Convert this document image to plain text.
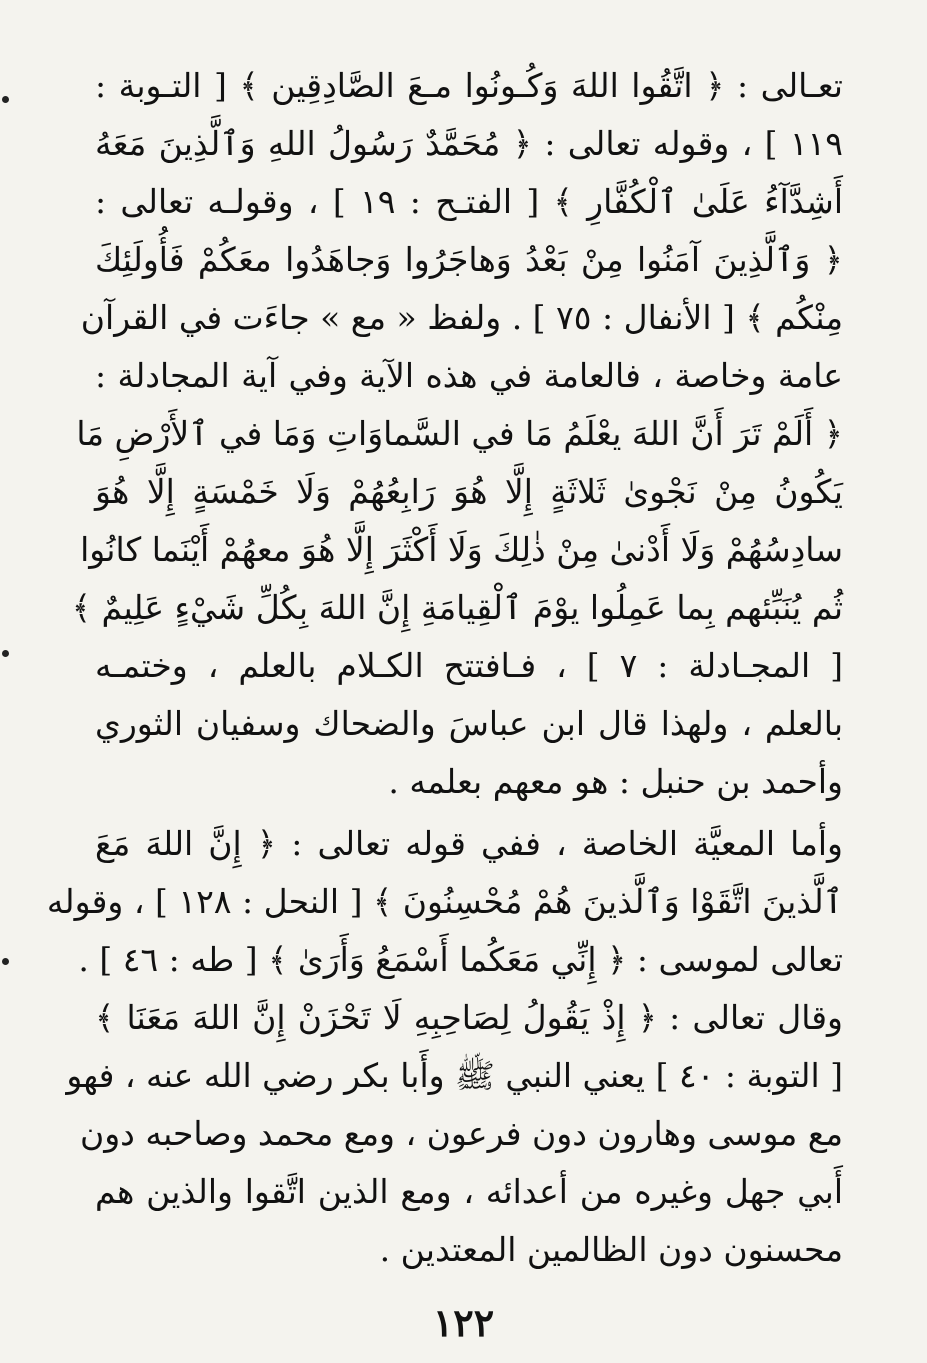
تعـالى : ﴿ اتَّقُوا اللهَ وَكُـونُوا مـعَ الصَّادِقِين ﴾ [ التـوبة :
١١٩ ] ، وقوله تعالى : ﴿ مُحَمَّدٌ رَسُولُ اللهِ وَٱلَّذِينَ مَعَهُ
أَشِدَّآءُ عَلَىٰ ٱلْكُفَّارِ ﴾ [ الفتـح : ١٩ ] ، وقولـه تعالى :
﴿ وَٱلَّذِينَ آمَنُوا مِنْ بَعْدُ وَهاجَرُوا وَجاهَدُوا معَكُمْ فَأُولَئِكَ
مِنْكُم ﴾ [ الأنفال : ٧٥ ] . ولفظ « مع » جاءَت في القرآن
عامة وخاصة ، فالعامة في هذه الآية وفي آية المجادلة :
﴿ أَلَمْ تَرَ أَنَّ اللهَ يعْلَمُ مَا في السَّماوَاتِ وَمَا في ٱلأَرْضِ مَا
يَكُونُ مِنْ نَجْوىٰ ثَلاثَةٍ إِلَّا هُوَ رَابِعُهُمْ وَلَا خَمْسَةٍ إِلَّا هُوَ
سادِسُهُمْ وَلَا أَدْنىٰ مِنْ ذٰلِكَ وَلَا أَكْثَرَ إِلَّا هُوَ معهُمْ أَيْنَما كانُوا
ثُم يُنَبِّئهم بِما عَمِلُوا يوْمَ ٱلْقِيامَةِ إِنَّ اللهَ بِكُلِّ شَيْءٍ عَلِيمٌ ﴾
[ المجـادلة : ٧ ] ، فـافتتح الكـلام بالعلم ، وختمـه
بالعلم ، ولهذا قال ابن عباسَ والضحاك وسفيان الثوري
وأحمد بن حنبل : هو معهم بعلمه .
وأما المعيَّة الخاصة ، ففي قوله تعالى : ﴿ إِنَّ اللهَ مَعَ
ٱلَّذينَ اتَّقَوْا وَٱلَّذينَ هُمْ مُحْسِنُونَ ﴾ [ النحل : ١٢٨ ] ، وقوله
تعالى لموسى : ﴿ إِنِّي مَعَكُما أَسْمَعُ وَأَرَىٰ ﴾ [ طه : ٤٦ ] .
وقال تعالى : ﴿ إِذْ يَقُولُ لِصَاحِبِهِ لَا تَحْزَنْ إِنَّ اللهَ مَعَنَا ﴾
[ التوبة : ٤٠ ] يعني النبي ﷺ وأَبا بكر رضي الله عنه ، فهو
مع موسى وهارون دون فرعون ، ومع محمد وصاحبه دون
أَبي جهل وغيره من أعدائه ، ومع الذين اتَّقوا والذين هم
محسنون دون الظالمين المعتدين .
١٢٢
